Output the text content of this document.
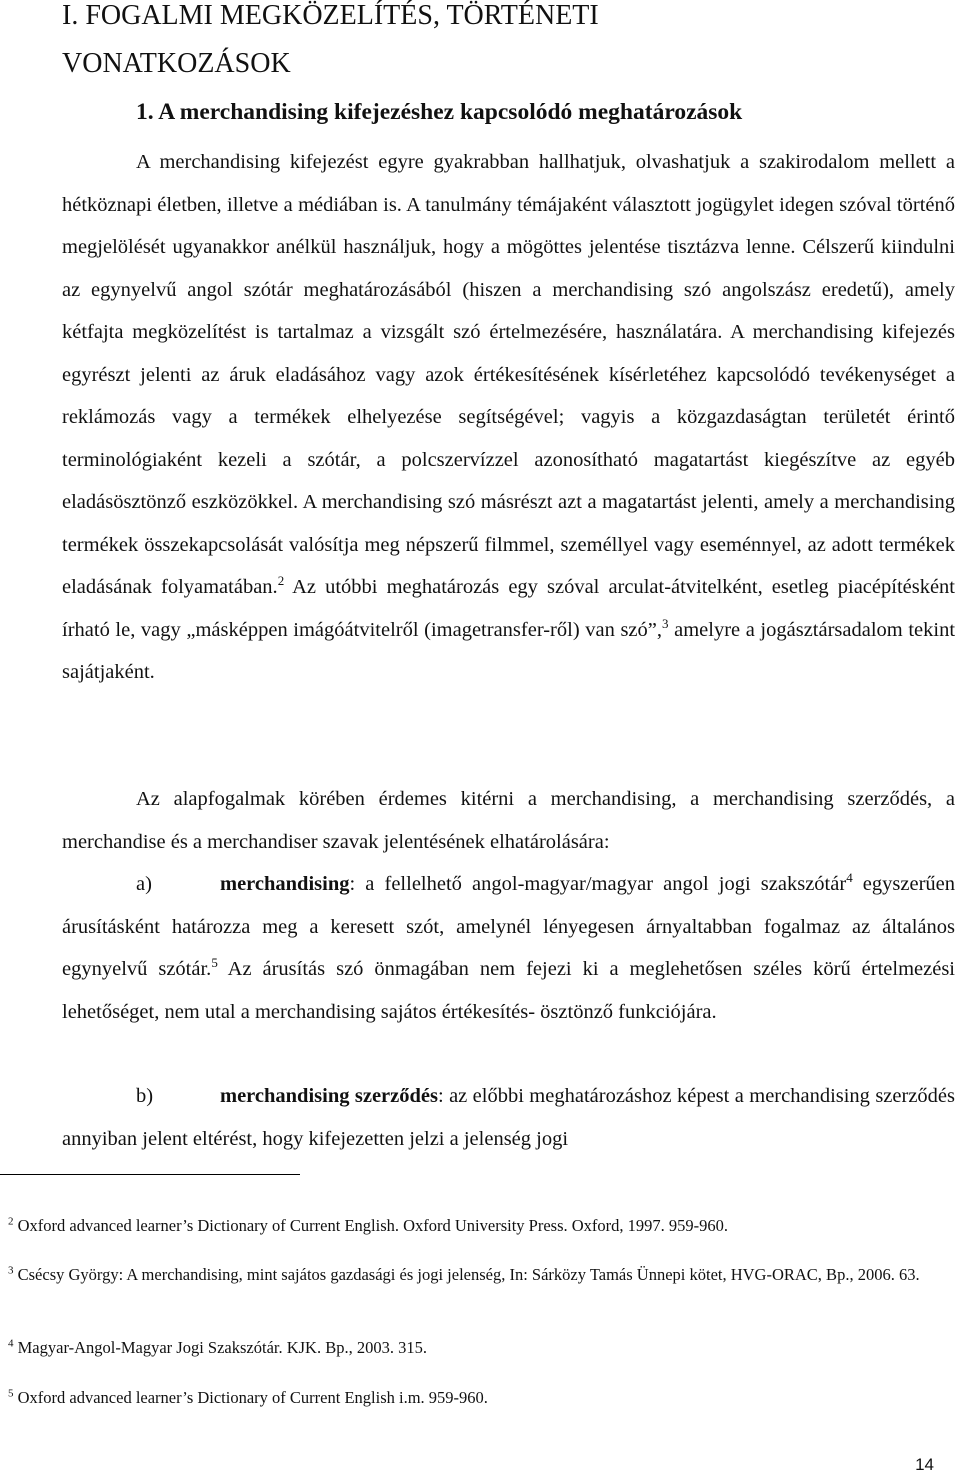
I. FOGALMI MEGKÖZELÍTÉS, TÖRTÉNETI
VONATKOZÁSOK
1. A merchandising kifejezéshez kapcsolódó meghatározások
A merchandising kifejezést egyre gyakrabban hallhatjuk, olvashatjuk a szakirodalom mellett a hétköznapi életben, illetve a médiában is. A tanulmány témájaként választott jogügylet idegen szóval történő megjelölését ugyanakkor anélkül használjuk, hogy a mögöttes jelentése tisztázva lenne. Célszerű kiindulni az egynyelvű angol szótár meghatározásából (hiszen a merchandising szó angolszász eredetű), amely kétfajta megközelítést is tartalmaz a vizsgált szó értelmezésére, használatára. A merchandising kifejezés egyrészt jelenti az áruk eladásához vagy azok értékesítésének kísérletéhez kapcsolódó tevékenységet a reklámozás vagy a termékek elhelyezése segítségével; vagyis a közgazdaságtan területét érintő terminológiaként kezeli a szótár, a polcszervízzel azonosítható magatartást kiegészítve az egyéb eladásösztönző eszközökkel. A merchandising szó másrészt azt a magatartást jelenti, amely a merchandising termékek összekapcsolását valósítja meg népszerű filmmel, személlyel vagy eseménnyel, az adott termékek eladásának folyamatában.$^2$ Az utóbbi meghatározás egy szóval arculat-átvitelként, esetleg piacépítésként írható le, vagy „másképpen imágóátvitelről (imagetransfer-ről) van szó”,$^3$ amelyre a jogásztársadalom tekint sajátjaként.
Az alapfogalmak körében érdemes kitérni a merchandising, a merchandising szerződés, a merchandise és a merchandiser szavak jelentésének elhatárolására:
a)	merchandising: a fellelhető angol-magyar/magyar angol jogi szakszótár$^4$ egyszerűen árusításként határozza meg a keresett szót, amelynél lényegesen árnyaltabban fogalmaz az általános egynyelvű szótár.$^5$ Az árusítás szó önmagában nem fejezi ki a meglehetősen széles körű értelmezési lehetőséget, nem utal a merchandising sajátos értékesítés- ösztönző funkciójára.
b)	merchandising szerződés: az előbbi meghatározáshoz képest a merchandising szerződés annyiban jelent eltérést, hogy kifejezetten jelzi a jelenség jogi
$^2$ Oxford advanced learner’s Dictionary of Current English. Oxford University Press. Oxford, 1997. 959-960.
$^3$ Csécsy György: A merchandising, mint sajátos gazdasági és jogi jelenség, In: Sárközy Tamás Ünnepi kötet, HVG-ORAC, Bp., 2006. 63.
$^4$ Magyar-Angol-Magyar Jogi Szakszótár. KJK. Bp., 2003. 315.
$^5$ Oxford advanced learner’s Dictionary of Current English i.m. 959-960.
14
